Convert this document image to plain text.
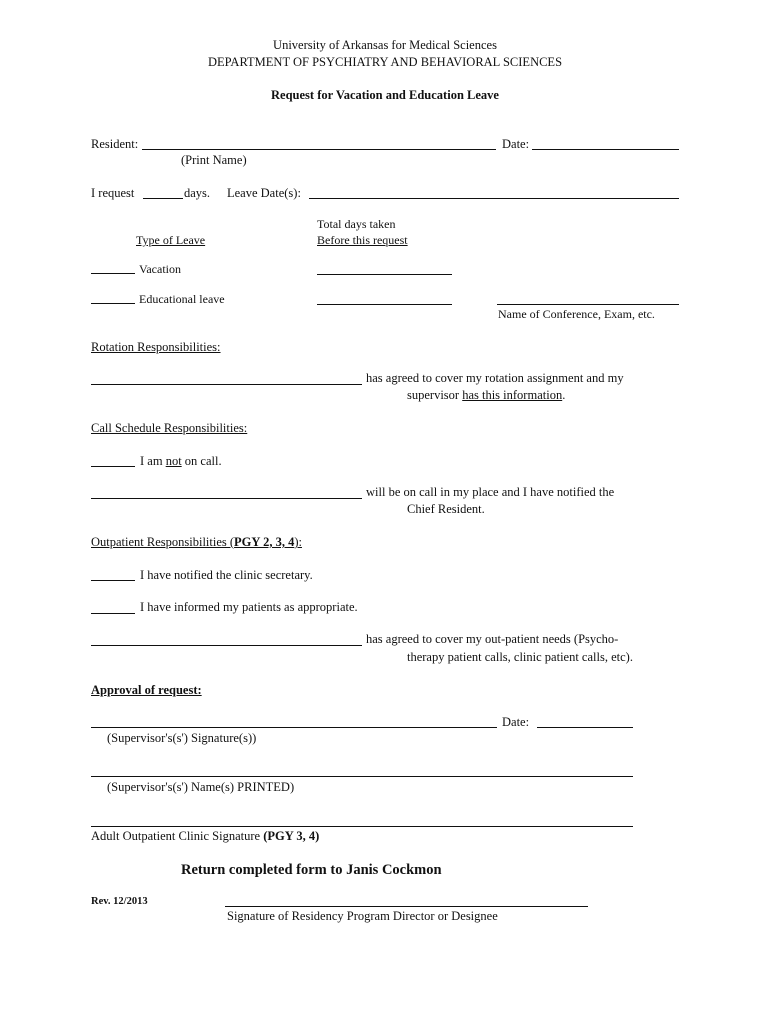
University of Arkansas for Medical Sciences
DEPARTMENT OF PSYCHIATRY AND BEHAVIORAL SCIENCES
Request for Vacation and Education Leave
Resident:
(Print Name)
Date:
I request	days. Leave Date(s):
Total days taken
Before this request
Type of Leave
Vacation
Educational leave
Name of Conference, Exam, etc.
Rotation Responsibilities:
has agreed to cover my rotation assignment and my
supervisor has this information.
Call Schedule Responsibilities:
I am not on call.
will be on call in my place and I have notified the
Chief Resident.
Outpatient Responsibilities (PGY 2, 3, 4):
I have notified the clinic secretary.
I have informed my patients as appropriate.
has agreed to cover my out-patient needs (Psycho-
therapy patient calls, clinic patient calls, etc).
Approval of request:
Date:
(Supervisor's(s') Signature(s))
(Supervisor's(s') Name(s) PRINTED)
Adult Outpatient Clinic Signature (PGY 3, 4)
Return completed form to Janis Cockmon
Rev. 12/2013
Signature of Residency Program Director or Designee
